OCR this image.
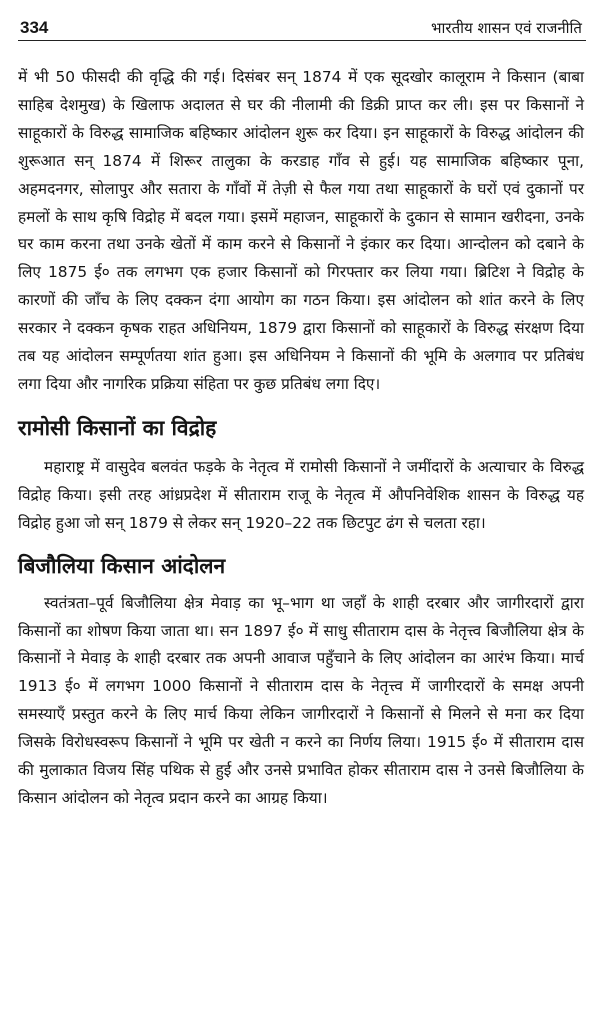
334	भारतीय शासन एवं राजनीति

में भी 50 फीसदी की वृद्धि की गई। दिसंबर सन् 1874 में एक सूदखोर कालूराम ने किसान (बाबा साहिब देशमुख) के खिलाफ अदालत से घर की नीलामी की डिक्री प्राप्त कर ली। इस पर किसानों ने साहूकारों के विरुद्ध सामाजिक बहिष्कार आंदोलन शुरू कर दिया। इन साहूकारों के विरुद्ध आंदोलन की शुरूआत सन् 1874 में शिरूर तालुका के करडाह गाँव से हुई। यह सामाजिक बहिष्कार पूना, अहमदनगर, सोलापुर और सतारा के गाँवों में तेज़ी से फैल गया तथा साहूकारों के घरों एवं दुकानों पर हमलों के साथ कृषि विद्रोह में बदल गया। इसमें महाजन, साहूकारों के दुकान से सामान खरीदना, उनके घर काम करना तथा उनके खेतों में काम करने से किसानों ने इंकार कर दिया। आन्दोलन को दबाने के लिए 1875 ई० तक लगभग एक हजार किसानों को गिरफ्तार कर लिया गया। ब्रिटिश ने विद्रोह के कारणों की जाँच के लिए दक्कन दंगा आयोग का गठन किया। इस आंदोलन को शांत करने के लिए सरकार ने दक्कन कृषक राहत अधिनियम, 1879 द्वारा किसानों को साहूकारों के विरुद्ध संरक्षण दिया तब यह आंदोलन सम्पूर्णतया शांत हुआ। इस अधिनियम ने किसानों की भूमि के अलगाव पर प्रतिबंध लगा दिया और नागरिक प्रक्रिया संहिता पर कुछ प्रतिबंध लगा दिए।

रामोसी किसानों का विद्रोह

महाराष्ट्र में वासुदेव बलवंत फड़के के नेतृत्व में रामोसी किसानों ने जमींदारों के अत्याचार के विरुद्ध विद्रोह किया। इसी तरह आंध्रप्रदेश में सीताराम राजू के नेतृत्व में औपनिवेशिक शासन के विरुद्ध यह विद्रोह हुआ जो सन् 1879 से लेकर सन् 1920–22 तक छिटपुट ढंग से चलता रहा।

बिजौलिया किसान आंदोलन

स्वतंत्रता–पूर्व बिजौलिया क्षेत्र मेवाड़ का भू–भाग था जहाँ के शाही दरबार और जागीरदारों द्वारा किसानों का शोषण किया जाता था। सन 1897 ई० में साधु सीताराम दास के नेतृत्त्व बिजौलिया क्षेत्र के किसानों ने मेवाड़ के शाही दरबार तक अपनी आवाज पहुँचाने के लिए आंदोलन का आरंभ किया। मार्च 1913 ई० में लगभग 1000 किसानों ने सीताराम दास के नेतृत्त्व में जागीरदारों के समक्ष अपनी समस्याएँ प्रस्तुत करने के लिए मार्च किया लेकिन जागीरदारों ने किसानों से मिलने से मना कर दिया जिसके विरोधस्वरूप किसानों ने भूमि पर खेती न करने का निर्णय लिया। 1915 ई० में सीताराम दास की मुलाकात विजय सिंह पथिक से हुई और उनसे प्रभावित होकर सीताराम दास ने उनसे बिजौलिया के किसान आंदोलन को नेतृत्व प्रदान करने का आग्रह किया।
